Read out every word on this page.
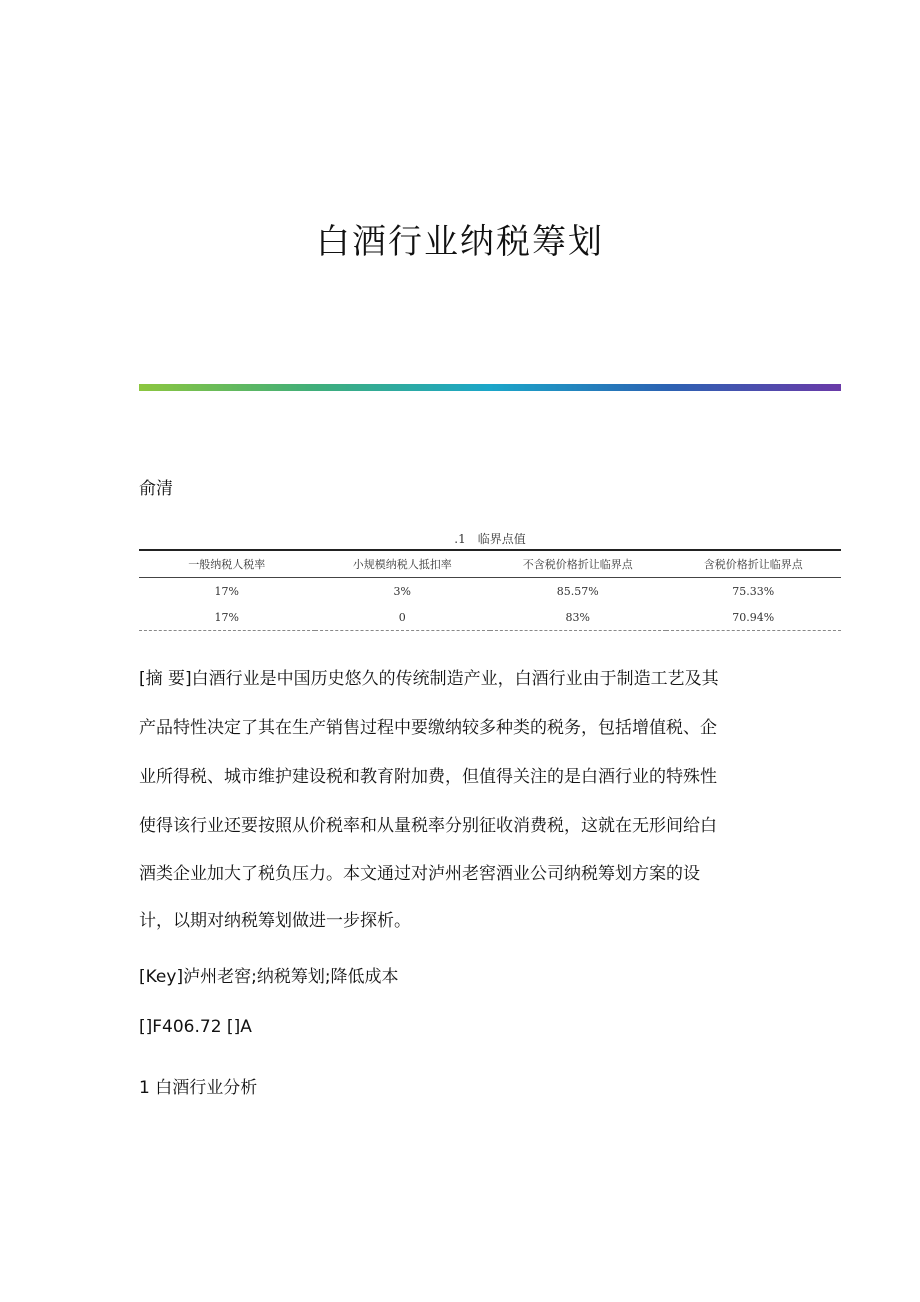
白酒行业纳税筹划
俞清
.1　临界点值
一般纳税人税率	小规模纳税人抵扣率	不含税价格折让临界点	含税价格折让临界点
17%	3%	85.57%	75.33%
17%	0	83%	70.94%

[摘 要]白酒行业是中国历史悠久的传统制造产业，白酒行业由于制造工艺及其

产品特性决定了其在生产销售过程中要缴纳较多种类的税务，包括增值税、企

业所得税、城市维护建设税和教育附加费，但值得关注的是白酒行业的特殊性

使得该行业还要按照从价税率和从量税率分别征收消费税，这就在无形间给白

酒类企业加大了税负压力。本文通过对泸州老窖酒业公司纳税筹划方案的设

计，以期对纳税筹划做进一步探析。

[Key]泸州老窖;纳税筹划;降低成本

[]F406.72 []A

1 白酒行业分析
